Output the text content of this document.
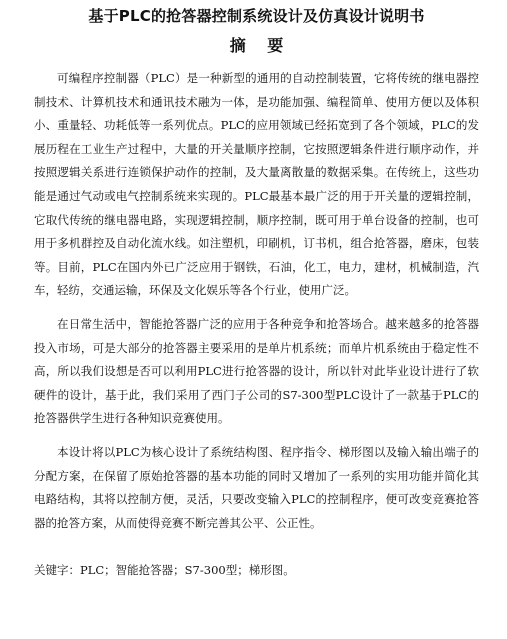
基于PLC的抢答器控制系统设计及仿真设计说明书
摘 要

可编程序控制器（PLC）是一种新型的通用的自动控制装置，它将传统的继电器控制技术、计算机技术和通讯技术融为一体，是功能加强、编程简单、使用方便以及体积小、重量轻、功耗低等一系列优点。PLC的应用领域已经拓宽到了各个领域，PLC的发展历程在工业生产过程中，大量的开关量顺序控制，它按照逻辑条件进行顺序动作，并按照逻辑关系进行连锁保护动作的控制，及大量离散量的数据采集。在传统上，这些功能是通过气动或电气控制系统来实现的。PLC最基本最广泛的用于开关量的逻辑控制，它取代传统的继电器电路，实现逻辑控制，顺序控制，既可用于单台设备的控制，也可用于多机群控及自动化流水线。如注塑机，印刷机，订书机，组合抢答器，磨床，包装等。目前，PLC在国内外已广泛应用于钢铁，石油，化工，电力，建材，机械制造，汽车，轻纺，交通运输，环保及文化娱乐等各个行业，使用广泛。

在日常生活中，智能抢答器广泛的应用于各种竞争和抢答场合。越来越多的抢答器投入市场，可是大部分的抢答器主要采用的是单片机系统；而单片机系统由于稳定性不高，所以我们设想是否可以利用PLC进行抢答器的设计，所以针对此毕业设计进行了软硬件的设计，基于此，我们采用了西门子公司的S7-300型PLC设计了一款基于PLC的抢答器供学生进行各种知识竞赛使用。

本设计将以PLC为核心设计了系统结构图、程序指令、梯形图以及输入输出端子的分配方案，在保留了原始抢答器的基本功能的同时又增加了一系列的实用功能并简化其电路结构，其将以控制方便，灵活，只要改变输入PLC的控制程序，便可改变竞赛抢答器的抢答方案，从而使得竞赛不断完善其公平、公正性。

关键字：PLC；智能抢答器；S7-300型；梯形图。
